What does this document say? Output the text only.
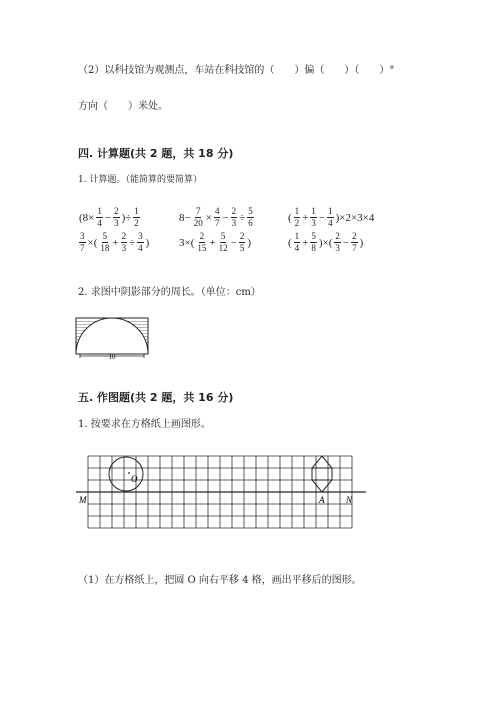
（2）以科技馆为观测点，车站在科技馆的（　　）偏（　　）（　　）°
方向（　　）米处。
四. 计算题(共 2 题，共 18 分)
1. 计算题。（能简算的要简算）
($8\times \frac{1}{4} - \frac{2}{3}$ )÷ $\frac{1}{2}$	$8- \frac{7}{20} \times \frac{4}{7} - \frac{2}{3} \div \frac{5}{6}$	( $\frac{1}{2} + \frac{1}{3} - \frac{1}{4} )\times 2\times 3\times 4$
$\frac{3}{7}$ ×( $\frac{5}{18} + \frac{2}{3} \div \frac{3}{4}$ )	$3\times( \frac{2}{15} + \frac{5}{12} - \frac{2}{5}$ )	( $\frac{1}{4} + \frac{5}{8}$ )×( $\frac{2}{3} - \frac{2}{7}$ )
2. 求图中阴影部分的周长。（单位：cm）
10
五. 作图题(共 2 题，共 16 分)
1. 按要求在方格纸上画图形。
O
M	A N
（1）在方格纸上，把圆 O 向右平移 4 格，画出平移后的图形。
